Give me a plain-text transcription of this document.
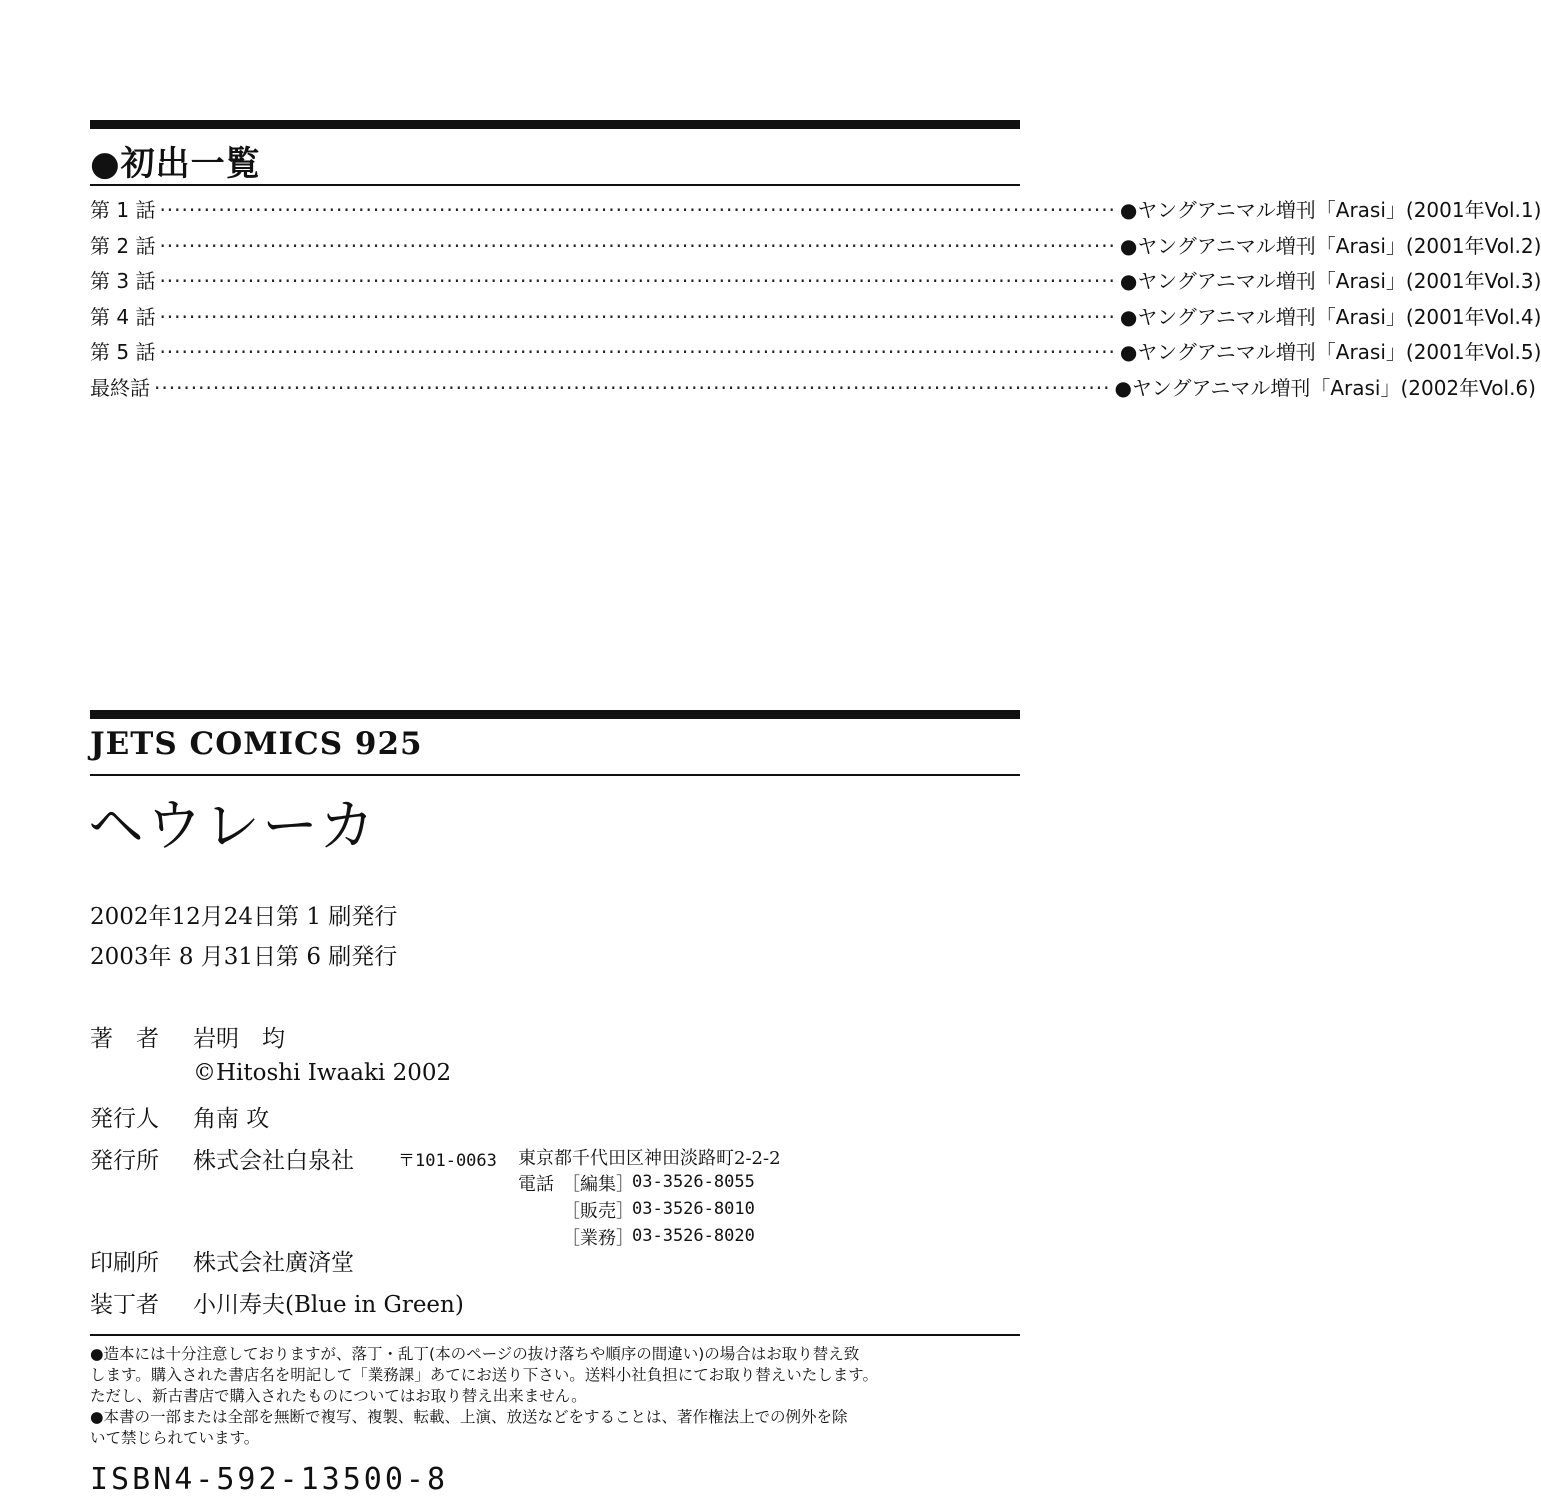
●初出一覧
第 1 話 ·································································································································· ●ヤングアニマル増刊「Arasi」(2001年Vol.1)
第 2 話 ·································································································································· ●ヤングアニマル増刊「Arasi」(2001年Vol.2)
第 3 話 ·································································································································· ●ヤングアニマル増刊「Arasi」(2001年Vol.3)
第 4 話 ·································································································································· ●ヤングアニマル増刊「Arasi」(2001年Vol.4)
第 5 話 ·································································································································· ●ヤングアニマル増刊「Arasi」(2001年Vol.5)
最終話 ·································································································································· ●ヤングアニマル増刊「Arasi」(2002年Vol.6)
JETS COMICS 925
ヘウレーカ
2002年12月24日第 1 刷発行
2003年 8 月31日第 6 刷発行
著　者 岩明　均
©Hitoshi Iwaaki 2002
発行人 角南 攻
発行所 株式会社白泉社	〒101-0063 東京都千代田区神田淡路町2-2-2
電話 ［編集］
03-3526-8055
［販売］
03-3526-8010
［業務］
03-3526-8020
印刷所 株式会社廣済堂
装丁者 小川寿夫(Blue in Green)

●造本には十分注意しておりますが、落丁・乱丁(本のページの抜け落ちや順序の間違い)の場合はお取り替え致

します。購入された書店名を明記して「業務課」あてにお送り下さい。送料小社負担にてお取り替えいたします。

ただし、新古書店で購入されたものについてはお取り替え出来ません。

●本書の一部または全部を無断で複写、複製、転載、上演、放送などをすることは、著作権法上での例外を除

いて禁じられています。

ISBN4-592-13500-8
